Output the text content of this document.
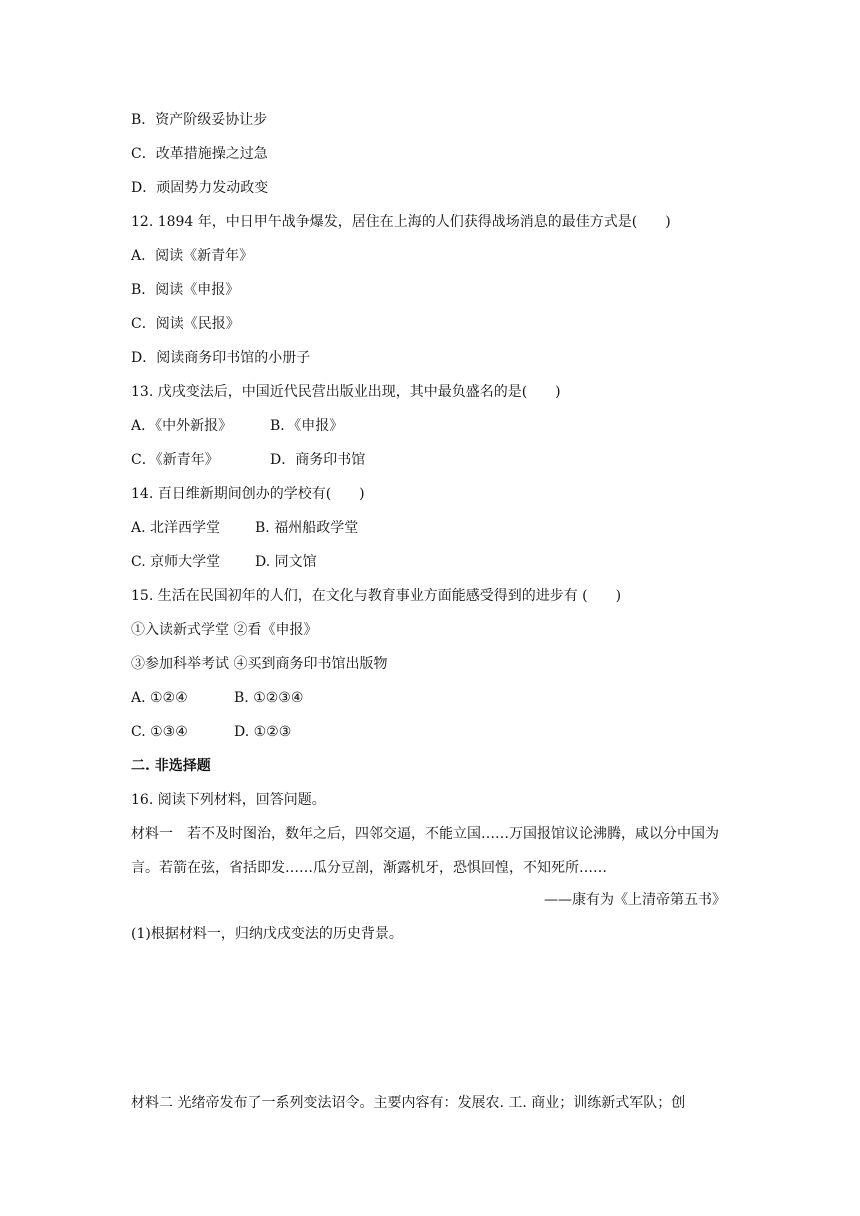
B．资产阶级妥协让步
C．改革措施操之过急
D．顽固势力发动政变
12. 1894 年，中日甲午战争爆发，居住在上海的人们获得战场消息的最佳方式是(　　)
A．阅读《新青年》
B．阅读《申报》
C．阅读《民报》
D．阅读商务印书馆的小册子
13. 戊戌变法后，中国近代民营出版业出现，其中最负盛名的是(　　)

A．《中外新报》

	B．《申报》

C．《新青年》

	D．商务印书馆

14. 百日维新期间创办的学校有(　　)

A. 北洋西学堂

B. 福州船政学堂

C. 京师大学堂

D. 同文馆

15. 生活在民国初年的人们，在文化与教育事业方面能感受得到的进步有 (　　)
①入读新式学堂 ②看《申报》
③参加科举考试 ④买到商务印书馆出版物

A. ①②④

	B. ①②③④

C. ①③④

	D. ①②③

二. 非选择题
16. 阅读下列材料，回答问题。
材料一　若不及时图治，数年之后，四邻交逼，不能立国……万国报馆议论沸腾，咸以分中国为言。若箭在弦，省括即发……瓜分豆剖，渐露机牙，恐惧回惶，不知死所……
——康有为《上清帝第五书》
(1)根据材料一，归纳戊戌变法的历史背景。
材料二 光绪帝发布了一系列变法诏令。主要内容有：发展农. 工. 商业；训练新式军队；创
